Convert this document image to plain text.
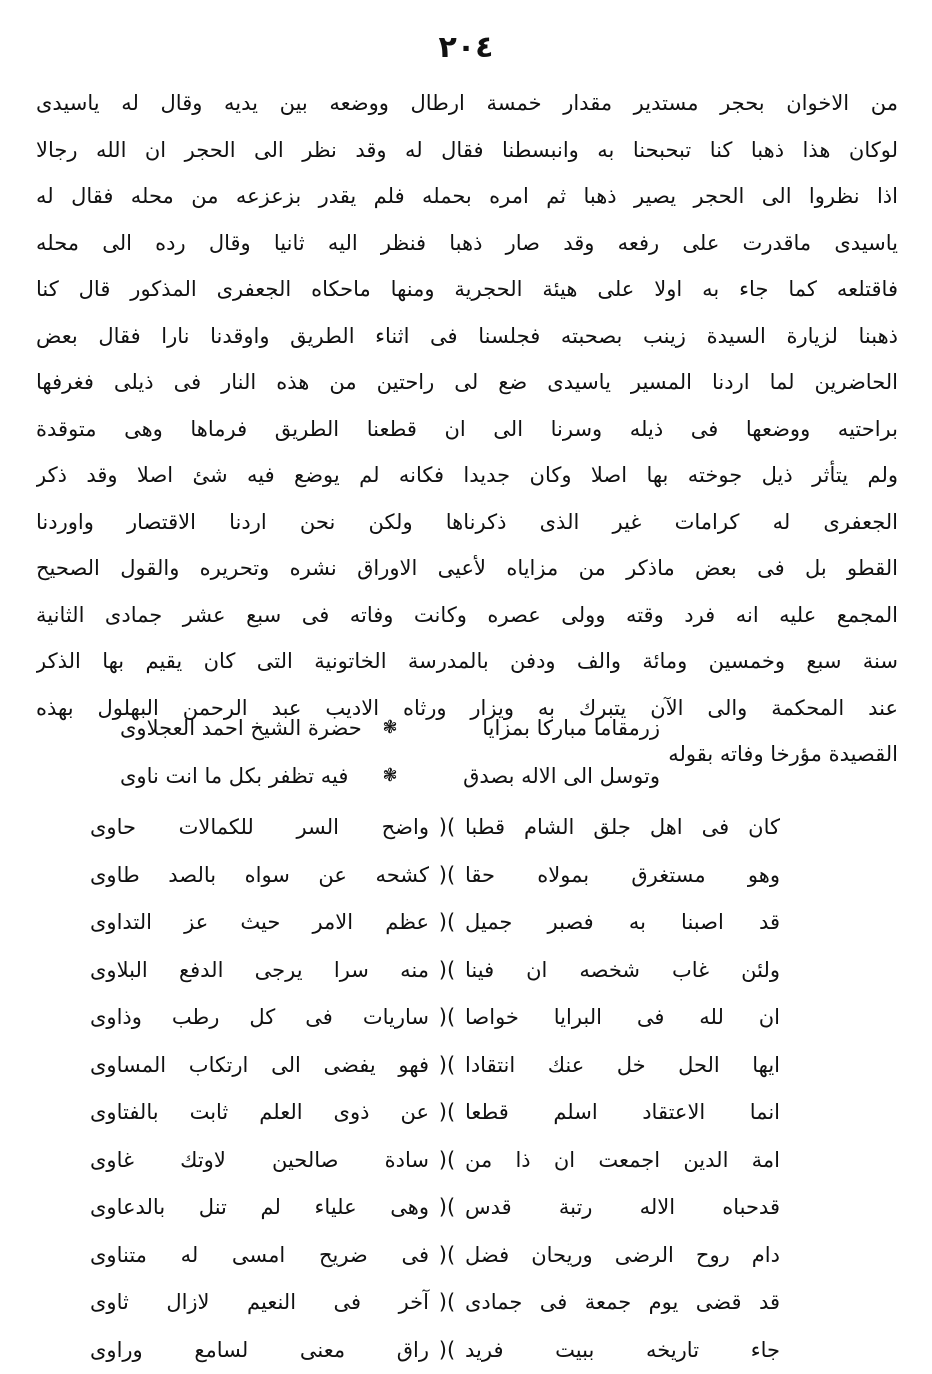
٢٠٤
من الاخوان بحجر مستدير مقدار خمسة ارطال ووضعه بين يديه وقال له ياسيدى
لوكان هذا ذهبا كنا تبحبحنا به وانبسطنا فقال له وقد نظر الى الحجر ان الله رجالا
اذا نظروا الى الحجر يصير ذهبا ثم امره بحمله فلم يقدر بزعزعه من محله فقال له
ياسيدى ماقدرت على رفعه وقد صار ذهبا فنظر اليه ثانيا وقال رده الى محله
فاقتلعه كما جاء به اولا على هيئة الحجرية ومنها ماحكاه الجعفرى المذكور قال كنا
ذهبنا لزيارة السيدة زينب بصحبته فجلسنا فى اثناء الطريق واوقدنا نارا فقال بعض
الحاضرين لما اردنا المسير ياسيدى ضع لى راحتين من هذه النار فى ذيلى فغرفها
براحتيه ووضعها فى ذيله وسرنا الى ان قطعنا الطريق فرماها وهى متوقدة
ولم يتأثر ذيل جوخته بها اصلا وكان جديدا فكانه لم يوضع فيه شئ اصلا وقد ذكر
الجعفرى له كرامات غير الذى ذكرناها ولكن نحن اردنا الاقتصار واوردنا
القطو بل فى بعض ماذكر من مزاياه لأعيى الاوراق نشره وتحريره والقول الصحيح
المجمع عليه انه فرد وقته وولى عصره وكانت وفاته فى سبع عشر جمادى الثانية
سنة سبع وخمسين ومائة والف ودفن بالمدرسة الخاتونية التى كان يقيم بها الذكر
عند المحكمة والى الآن يتبرك به ويزار ورثاه الاديب عبد الرحمن البهلول بهذه
القصيدة مؤرخا وفاته بقوله
زرمقاما مباركا بمزايا
❃
حضرة الشيخ احمد العجلاوى
وتوسل الى الاله بصدق
❃
فيه تظفر بكل ما انت ناوى
كان فى اهل جلق الشام قطبا
)(
واضح السر للكمالات حاوى
وهو مستغرق بمولاه حقا
)(
كشحه عن سواه بالصد طاوى
قد اصبنا به فصبر جميل
)(
عظم الامر حيث عز التداوى
ولئن غاب شخصه ان فينا
)(
منه سرا يرجى الدفع البلاوى
ان لله فى البرايا خواصا
)(
ساريات فى كل رطب وذاوى
ايها الحل خل عنك انتقادا
)(
فهو يفضى الى ارتكاب المساوى
انما الاعتقاد اسلم قطعا
)(
عن ذوى العلم ثابت بالفتاوى
امة الدين اجمعت ان ذا من
)(
سادة صالحين لاوتك غاوى
قدحباه الاله رتبة قدس
)(
وهى علياء لم تنل بالدعاوى
دام روح الرضى وريحان فضل
)(
فى ضريح امسى له متناوى
قد قضى يوم جمعة فى جمادى
)(
آخر فى النعيم لازال ثاوى
جاء تاريخه ببيت فريد
)(
راق معنى لسامع وراوى
